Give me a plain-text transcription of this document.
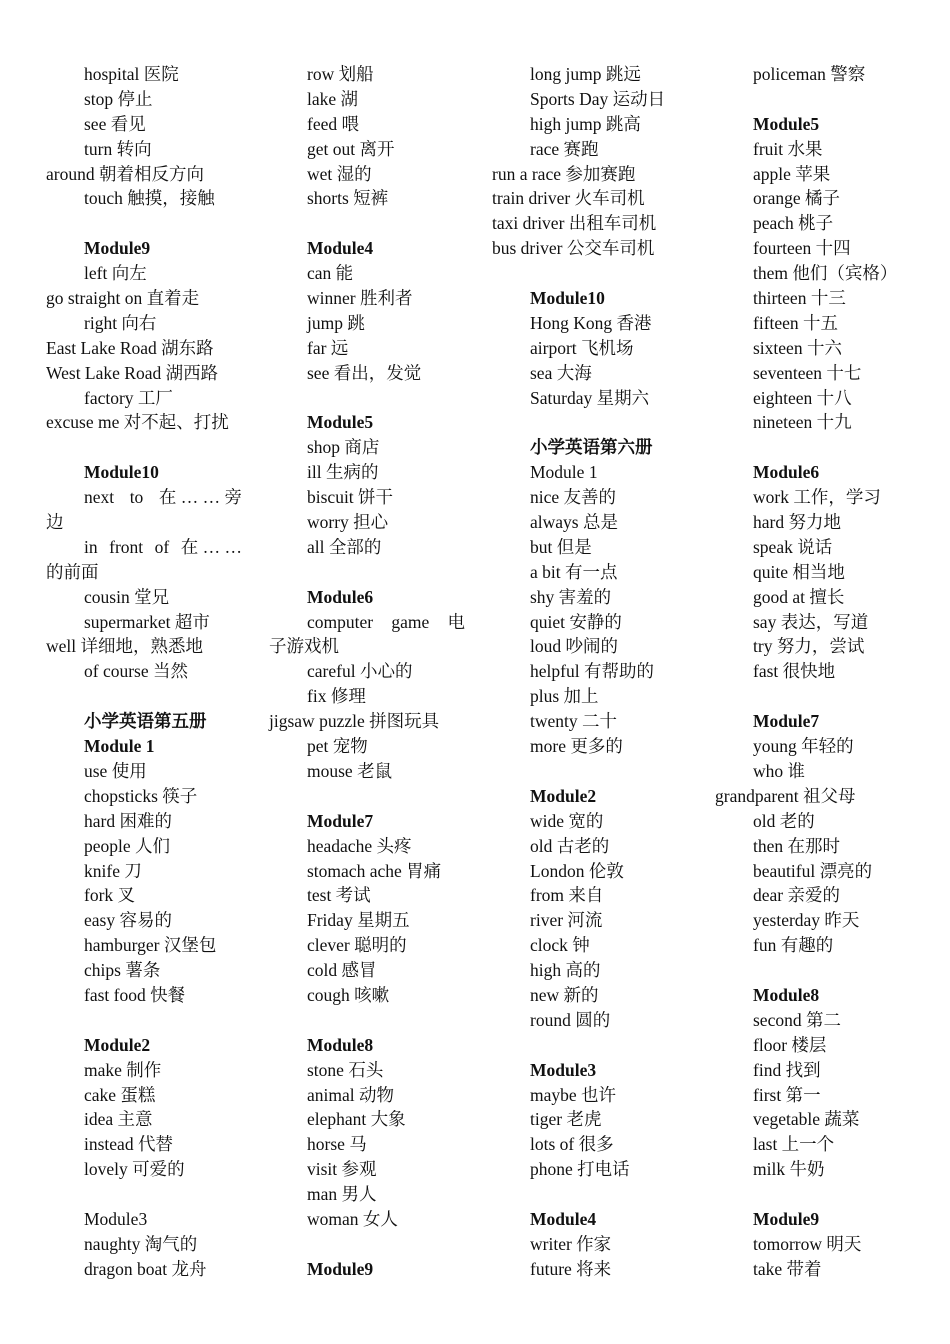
hospital 医院
stop 停止
see 看见
turn 转向
around 朝着相反方向
touch 触摸，接触
Module9
left 向左
go straight on 直着走
right 向右
East Lake Road 湖东路
West Lake Road 湖西路
factory 工厂
excuse me 对不起、打扰
Module10
next to 在 … … 旁
边
in front of 在 … …
的前面
cousin 堂兄
supermarket 超市
well 详细地，熟悉地
of course 当然
小学英语第五册
Module 1
use 使用
chopsticks 筷子
hard 困难的
people 人们
knife 刀
fork 叉
easy 容易的
hamburger 汉堡包
chips 薯条
fast food 快餐
Module2
make 制作
cake 蛋糕
idea 主意
instead 代替
lovely 可爱的
Module3
naughty 淘气的
dragon boat 龙舟
row 划船
lake 湖
feed 喂
get out 离开
wet 湿的
shorts 短裤
Module4
can 能
winner 胜利者
jump 跳
far 远
see 看出，发觉
Module5
shop 商店
ill 生病的
biscuit 饼干
worry 担心
all 全部的
Module6
computer game 电
子游戏机
careful 小心的
fix 修理
jigsaw puzzle 拼图玩具
pet 宠物
mouse 老鼠
Module7
headache 头疼
stomach ache 胃痛
test 考试
Friday 星期五
clever 聪明的
cold 感冒
cough 咳嗽
Module8
stone 石头
animal 动物
elephant 大象
horse 马
visit 参观
man 男人
woman 女人
Module9
long jump 跳远
Sports Day 运动日
high jump 跳高
race 赛跑
run a race 参加赛跑
train driver 火车司机
taxi driver 出租车司机
bus driver 公交车司机
Module10
Hong Kong 香港
airport 飞机场
sea 大海
Saturday 星期六
小学英语第六册
Module 1
nice 友善的
always 总是
but 但是
a bit 有一点
shy 害羞的
quiet 安静的
loud 吵闹的
helpful 有帮助的
plus 加上
twenty 二十
more 更多的
Module2
wide 宽的
old 古老的
London 伦敦
from 来自
river 河流
clock 钟
high 高的
new 新的
round 圆的
Module3
maybe 也许
tiger 老虎
lots of 很多
phone 打电话
Module4
writer 作家
future 将来
policeman 警察
Module5
fruit 水果
apple 苹果
orange 橘子
peach 桃子
fourteen 十四
them 他们（宾格）
thirteen 十三
fifteen 十五
sixteen 十六
seventeen 十七
eighteen 十八
nineteen 十九
Module6
work 工作，学习
hard 努力地
speak 说话
quite 相当地
good at 擅长
say 表达，写道
try 努力，尝试
fast 很快地
Module7
young 年轻的
who 谁
grandparent 祖父母
old 老的
then 在那时
beautiful 漂亮的
dear 亲爱的
yesterday 昨天
fun 有趣的
Module8
second 第二
floor 楼层
find 找到
first 第一
vegetable 蔬菜
last 上一个
milk 牛奶
Module9
tomorrow 明天
take 带着
